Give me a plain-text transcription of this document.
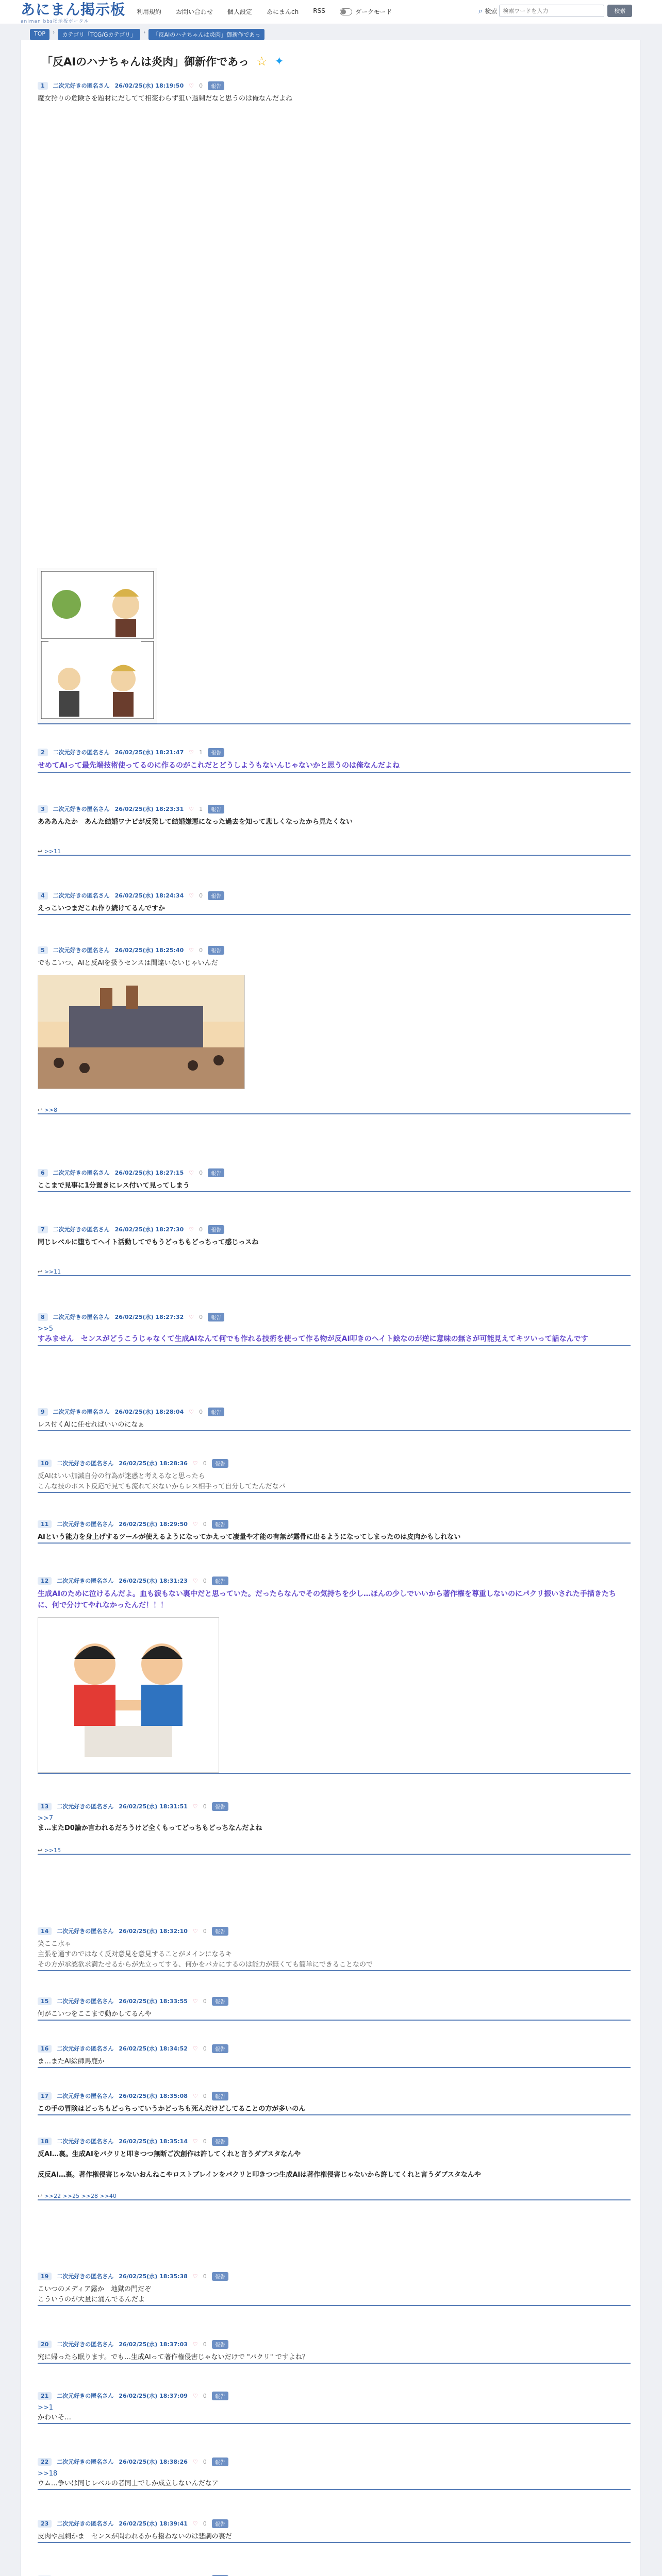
あにまん掲示板
animan bbs掲示板ポータル
利用規約 お問い合わせ 個人設定 あにまんch RSS	ダークモード	⌕ 検索
検索ワードを入力	検索
TOP	›	カテゴリ「TCG/Gカテゴリ」	›	「反AIのハナちゃんは炎肉」御新作であっ
「反AIのハナちゃんは炎肉」御新作であっ ☆ ✦
1	二次元好きの匿名さん 26/02/25(水) 18:19:50 ♡ 0	報告
魔女狩りの危険さを題材にだしてて相変わらず狙い過剰だなと思うのは俺なんだよね
2	二次元好きの匿名さん 26/02/25(水) 18:21:47 ♡ 1	報告
せめてAIって最先端技術使ってるのに作るのがこれだとどうしようもないんじゃないかと思うのは俺なんだよね
3	二次元好きの匿名さん 26/02/25(水) 18:23:31 ♡ 1	報告
あああんたか　あんた結婚ワナビが反発して結婚嫌悪になった過去を知って悲しくなったから見たくない
↩ >>11
4	二次元好きの匿名さん 26/02/25(水) 18:24:34 ♡ 0	報告
えっこいつまだこれ作り続けてるんですか
5	二次元好きの匿名さん 26/02/25(水) 18:25:40 ♡ 0	報告
でもこいつ、AIと反AIを扱うセンスは間違いないじゃいんだ
↩ >>8
6	二次元好きの匿名さん 26/02/25(水) 18:27:15 ♡ 0	報告
ここまで見事に1分置きにレス付いて見ってしまう
7	二次元好きの匿名さん 26/02/25(水) 18:27:30 ♡ 0	報告
同じレベルに堕ちてヘイト活動してでもうどっちもどっちって感じっスね
↩ >>11
8	二次元好きの匿名さん 26/02/25(水) 18:27:32 ♡ 0	報告
>>5
すみません　センスがどうこうじゃなくて生成AIなんて何でも作れる技術を使って作る物が反AI叩きのヘイト絵なのが逆に意味の無さが可能見えてキツいって話なんです
9	二次元好きの匿名さん 26/02/25(水) 18:28:04 ♡ 0	報告
レス付くAIに任せればいいのになぁ
10	二次元好きの匿名さん 26/02/25(水) 18:28:36 ♡ 0	報告
反AIはいい加減自分の行為が迷惑と考えるなと思ったら
こんな技のポスト反応で見ても流れて来ないからレス相手って自分してたんだなバ
11	二次元好きの匿名さん 26/02/25(水) 18:29:50 ♡ 0	報告
AIという能力を身上げするツールが使えるようになってかえって凄量や才能の有無が露骨に出るようになってしまったのは皮肉かもしれない
12	二次元好きの匿名さん 26/02/25(水) 18:31:23 ♡ 0	報告
生成AIのために泣けるんだよ。血も涙もない裏中だと思っていた。だったらなんでその気持ちを少し…ほんの少しでいいから著作権を尊重しないのにパクリ振いされた手描きたちに、何で分けてやれなかったんだ！！！
13	二次元好きの匿名さん 26/02/25(水) 18:31:51 ♡ 0	報告
>>7
ま…またD0論か言われるだろうけど全くもってどっちもどっちなんだよね
↩ >>15
14	二次元好きの匿名さん 26/02/25(水) 18:32:10 ♡ 0	報告
笑ここ水ゃ
主張を通すのではなく反対意見を意見することがメインになるキ
その方が承認欲求満たせるからが先立ってする、何かをバカにするのは能力が無くても簡単にできることなので
15	二次元好きの匿名さん 26/02/25(水) 18:33:55 ♡ 0	報告
何がこいつをここまで動かしてるんや
16	二次元好きの匿名さん 26/02/25(水) 18:34:52 ♡ 0	報告
ま…またAI絵師馬鹿か
17	二次元好きの匿名さん 26/02/25(水) 18:35:08 ♡ 0	報告
この手の冒険はどっちもどっちっていうかどっちも死んだけどしてることの方が多いのん
18	二次元好きの匿名さん 26/02/25(水) 18:35:14 ♡ 0	報告
反AI…裏。生成AIをパクリと叩きつつ無断ご次創作は許してくれと言うダブスタなんや

反反AI…裏。著作権侵害じゃないおんねこやロストブレインをパクリと叩きつつ生成AIは著作権侵害じゃないから許してくれと言うダブスタなんや
↩ >>22 >>25 >>28 >>40
19	二次元好きの匿名さん 26/02/25(水) 18:35:38 ♡ 0	報告
こいつのメディア露か　地獄の門だぞ
こういうのが大量に涌んでるんだよ
20	二次元好きの匿名さん 26/02/25(水) 18:37:03 ♡ 0	報告
究に帰ったら眠ります。でも…生成AIって著作権侵害じゃないだけで "パクリ" ですよね？
21	二次元好きの匿名さん 26/02/25(水) 18:37:09 ♡ 0	報告
>>1
かわいそ…
22	二次元好きの匿名さん 26/02/25(水) 18:38:26 ♡ 0	報告
>>18
ウム…争いは同じレベルの者同士でしか成立しないんだなア
23	二次元好きの匿名さん 26/02/25(水) 18:39:41 ♡ 0	報告
皮肉や風刺かま　センスが問われるから撥ねないのは悲劇の裏だ
